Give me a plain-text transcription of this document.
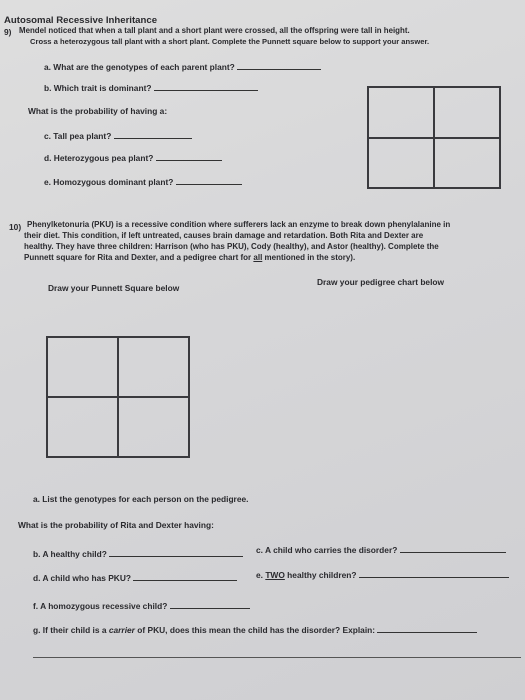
Autosomal Recessive Inheritance
9) Mendel noticed that when a tall plant and a short plant were crossed, all the offspring were tall in height.
Cross a heterozygous tall plant with a short plant. Complete the Punnett square below to support your answer.
a. What are the genotypes of each parent plant?
b. Which trait is dominant?
What is the probability of having a:
c. Tall pea plant?
d. Heterozygous pea plant?
e. Homozygous dominant plant?
10) Phenylketonuria (PKU) is a recessive condition where sufferers lack an enzyme to break down phenylalanine in
their diet. This condition, if left untreated, causes brain damage and retardation. Both Rita and Dexter are
healthy. They have three children: Harrison (who has PKU), Cody (healthy), and Astor (healthy). Complete the
Punnett square for Rita and Dexter, and a pedigree chart for all mentioned in the story).
Draw your Punnett Square below
Draw your pedigree chart below
a. List the genotypes for each person on the pedigree.
What is the probability of Rita and Dexter having:
b. A healthy child?	c. A child who carries the disorder?
d. A child who has PKU?	e. TWO healthy children?
f. A homozygous recessive child?
g. If their child is a carrier of PKU, does this mean the child has the disorder? Explain:
